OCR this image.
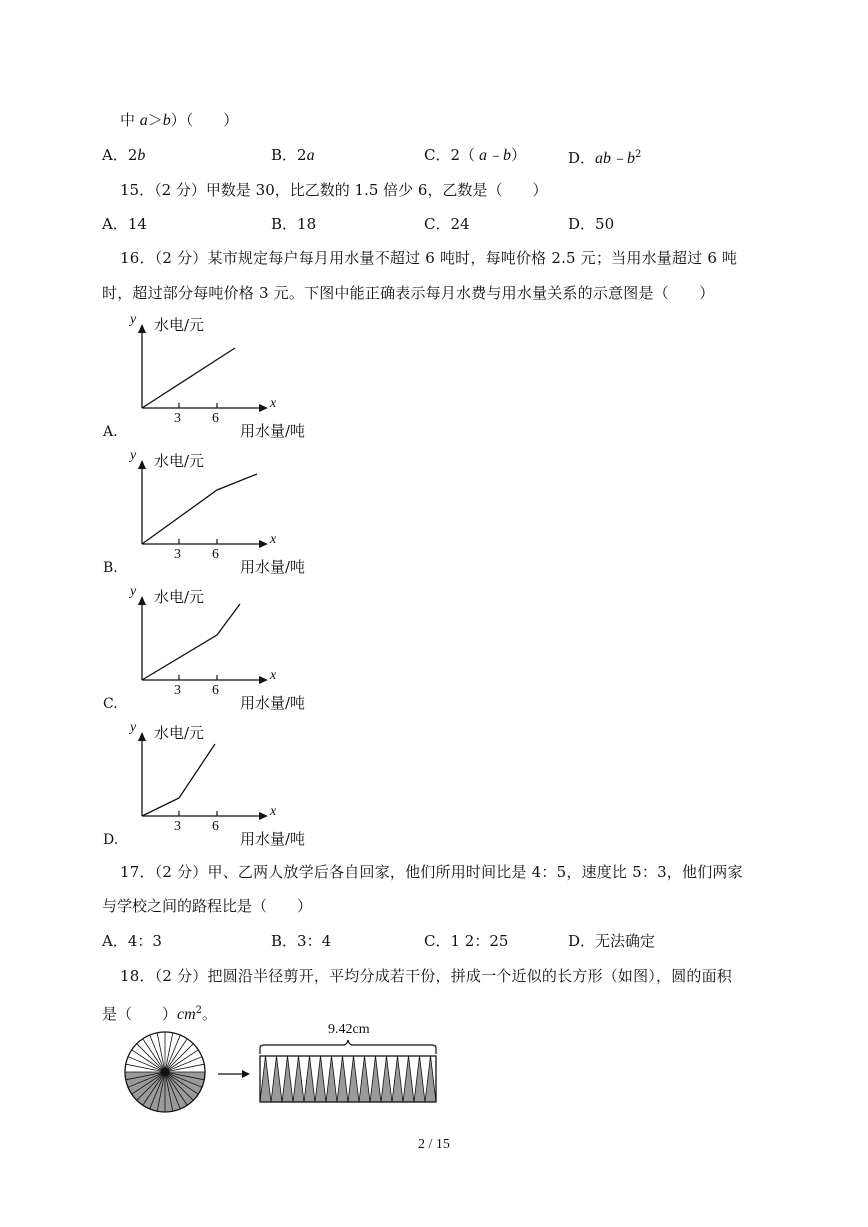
中 a＞b）（　　）
A．2b	B．2a	C．2（ a﹣b）	D．$ab﹣b^2$
15．（2 分）甲数是 30，比乙数的 1.5 倍少 6，乙数是（　　）
A．14	B．18	C．24	D．50
16．（2 分）某市规定每户每月用水量不超过 6 吨时，每吨价格 2.5 元；当用水量超过 6 吨
时，超过部分每吨价格 3 元。下图中能正确表示每月水费与用水量关系的示意图是（　　）
y 水电/元
x
3 6
用水量/吨
A.
y 水电/元
x
3 6
用水量/吨
B.
y 水电/元
x
3 6
用水量/吨
C.
y 水电/元
x
3 6
用水量/吨
D.
17．（2 分）甲、乙两人放学后各自回家，他们所用时间比是 4：5，速度比 5：3，他们两家
与学校之间的路程比是（　　）
A．4：3	B．3：4	C．1 2：25	D．无法确定
18．（2 分）把圆沿半径剪开，平均分成若干份，拼成一个近似的长方形（如图），圆的面积
是（　　）$cm^2$。
9.42cm
2 / 15
